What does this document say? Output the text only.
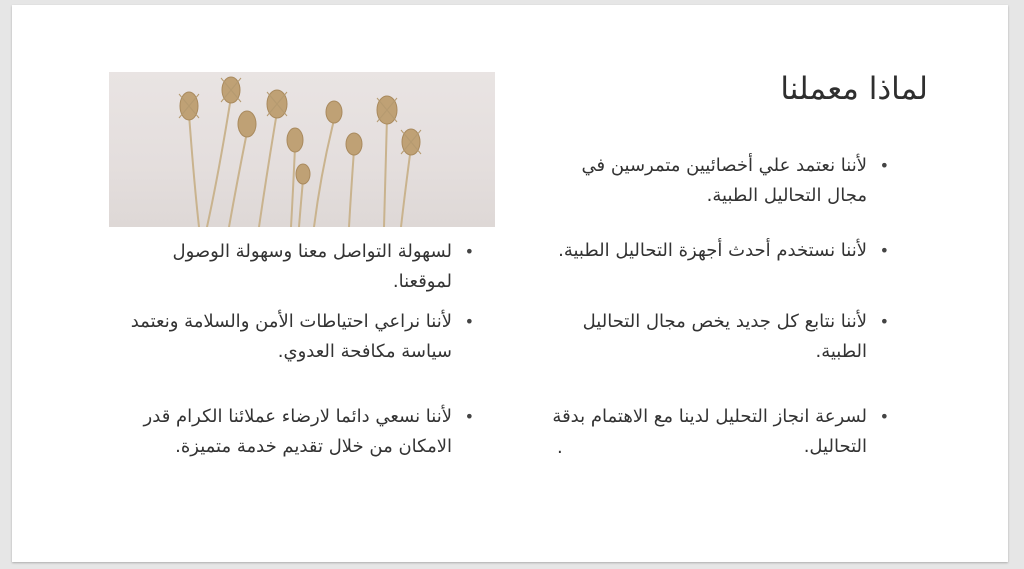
لماذا معملنا
•
لأننا نعتمد علي أخصائيين متمرسين في مجال التحاليل الطبية.
•
لأننا نستخدم أحدث أجهزة التحاليل الطبية.
•
لأننا نتابع كل جديد يخص مجال التحاليل الطبية.
•
لسرعة انجاز التحليل لدينا مع الاهتمام بدقة التحاليل.
.
•
لسهولة التواصل معنا وسهولة الوصول لموقعنا.
•
لأننا نراعي احتياطات الأمن والسلامة ونعتمد سياسة مكافحة العدوي.
•
لأننا نسعي دائما لارضاء عملائنا الكرام قدر الامكان من خلال تقديم خدمة متميزة.
